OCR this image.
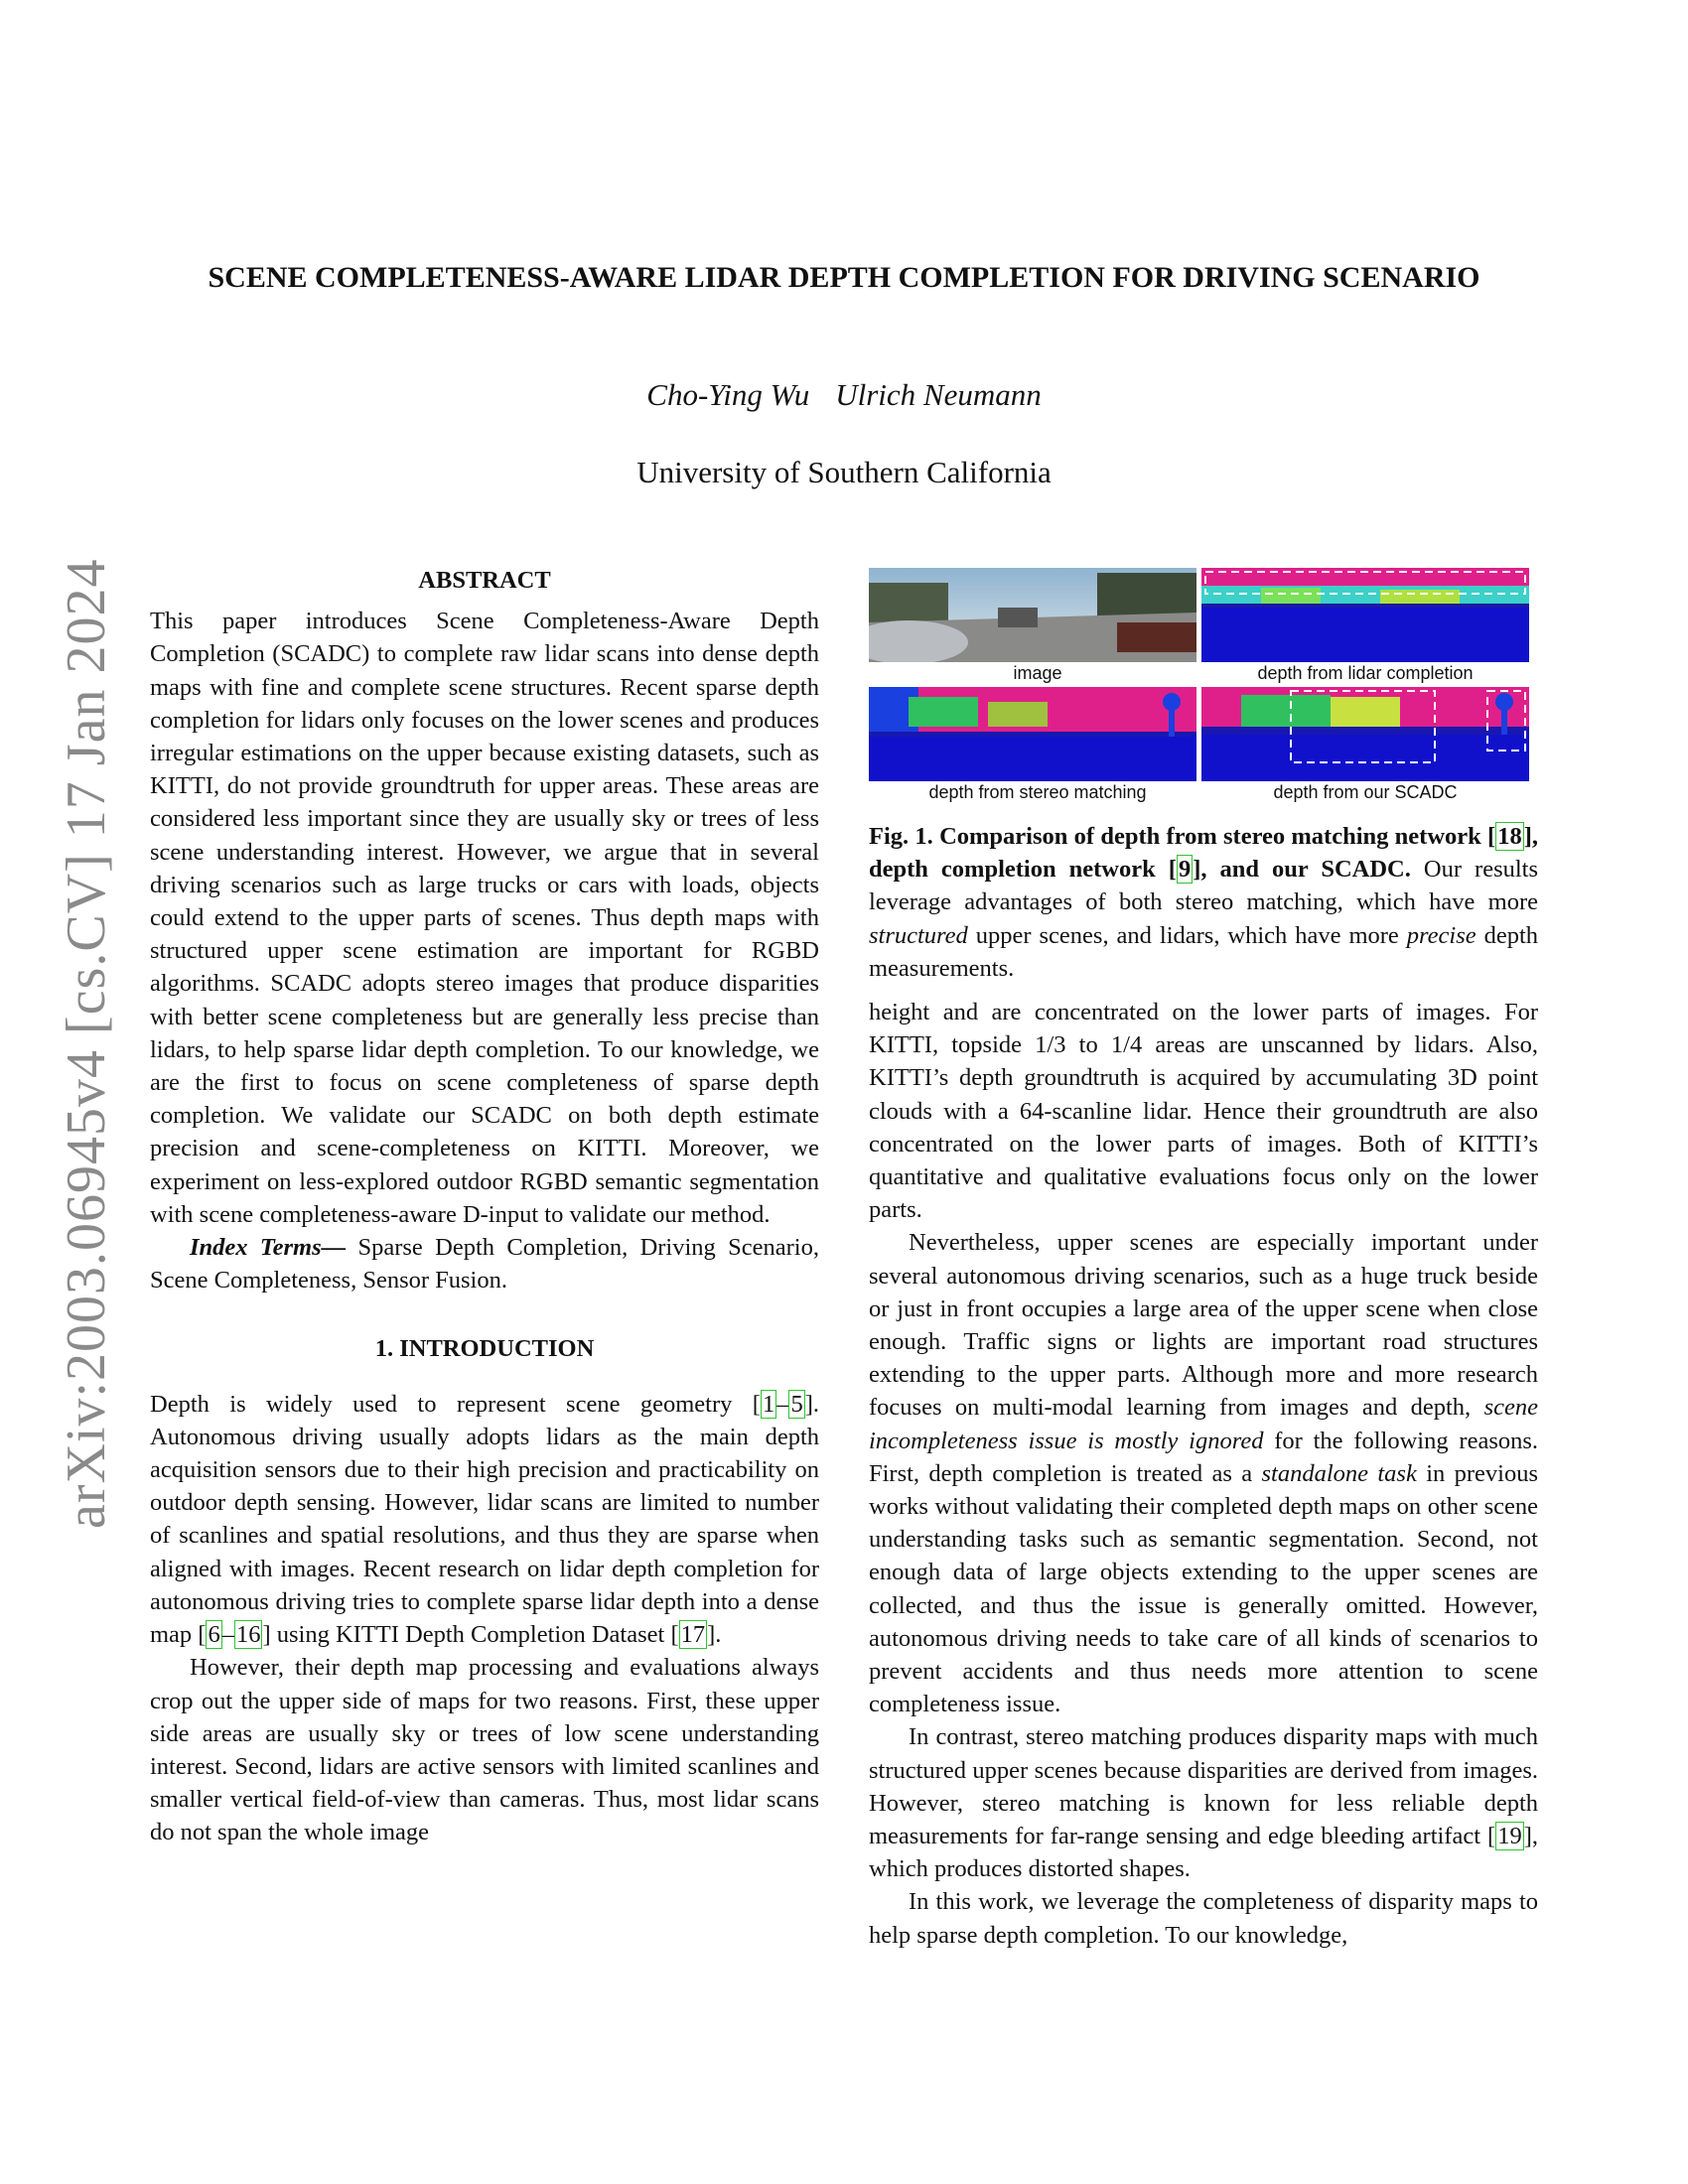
arXiv:2003.06945v4 [cs.CV] 17 Jan 2024
SCENE COMPLETENESS-AWARE LIDAR DEPTH COMPLETION FOR DRIVING SCENARIO
Cho-Ying Wu Ulrich Neumann
University of Southern California
ABSTRACT

This paper introduces Scene Completeness-Aware Depth Completion (SCADC) to complete raw lidar scans into dense depth maps with fine and complete scene structures. Recent sparse depth completion for lidars only focuses on the lower scenes and produces irregular estimations on the upper because existing datasets, such as KITTI, do not provide groundtruth for upper areas. These areas are considered less important since they are usually sky or trees of less scene understanding interest. However, we argue that in several driving scenarios such as large trucks or cars with loads, objects could extend to the upper parts of scenes. Thus depth maps with structured upper scene estimation are important for RGBD algorithms. SCADC adopts stereo images that produce disparities with better scene completeness but are generally less precise than lidars, to help sparse lidar depth completion. To our knowledge, we are the first to focus on scene completeness of sparse depth completion. We validate our SCADC on both depth estimate precision and scene-completeness on KITTI. Moreover, we experiment on less-explored outdoor RGBD semantic segmentation with scene completeness-aware D-input to validate our method.

Index Terms— Sparse Depth Completion, Driving Scenario, Scene Completeness, Sensor Fusion.

1. INTRODUCTION

Depth is widely used to represent scene geometry [1–5]. Autonomous driving usually adopts lidars as the main depth acquisition sensors due to their high precision and practicability on outdoor depth sensing. However, lidar scans are limited to number of scanlines and spatial resolutions, and thus they are sparse when aligned with images. Recent research on lidar depth completion for autonomous driving tries to complete sparse lidar depth into a dense map [6–16] using KITTI Depth Completion Dataset [17].

However, their depth map processing and evaluations always crop out the upper side of maps for two reasons. First, these upper side areas are usually sky or trees of low scene understanding interest. Second, lidars are active sensors with limited scanlines and smaller vertical field-of-view than cameras. Thus, most lidar scans do not span the whole image

image	depth from lidar completion
depth from stereo matching	depth from our SCADC
Fig. 1. Comparison of depth from stereo matching network [18], depth completion network [9], and our SCADC. Our results leverage advantages of both stereo matching, which have more structured upper scenes, and lidars, which have more precise depth measurements.

height and are concentrated on the lower parts of images. For KITTI, topside 1/3 to 1/4 areas are unscanned by lidars. Also, KITTI’s depth groundtruth is acquired by accumulating 3D point clouds with a 64-scanline lidar. Hence their groundtruth are also concentrated on the lower parts of images. Both of KITTI’s quantitative and qualitative evaluations focus only on the lower parts.

Nevertheless, upper scenes are especially important under several autonomous driving scenarios, such as a huge truck beside or just in front occupies a large area of the upper scene when close enough. Traffic signs or lights are important road structures extending to the upper parts. Although more and more research focuses on multi-modal learning from images and depth, scene incompleteness issue is mostly ignored for the following reasons. First, depth completion is treated as a standalone task in previous works without validating their completed depth maps on other scene understanding tasks such as semantic segmentation. Second, not enough data of large objects extending to the upper scenes are collected, and thus the issue is generally omitted. However, autonomous driving needs to take care of all kinds of scenarios to prevent accidents and thus needs more attention to scene completeness issue.

In contrast, stereo matching produces disparity maps with much structured upper scenes because disparities are derived from images. However, stereo matching is known for less reliable depth measurements for far-range sensing and edge bleeding artifact [19], which produces distorted shapes.

In this work, we leverage the completeness of disparity maps to help sparse depth completion. To our knowledge,
